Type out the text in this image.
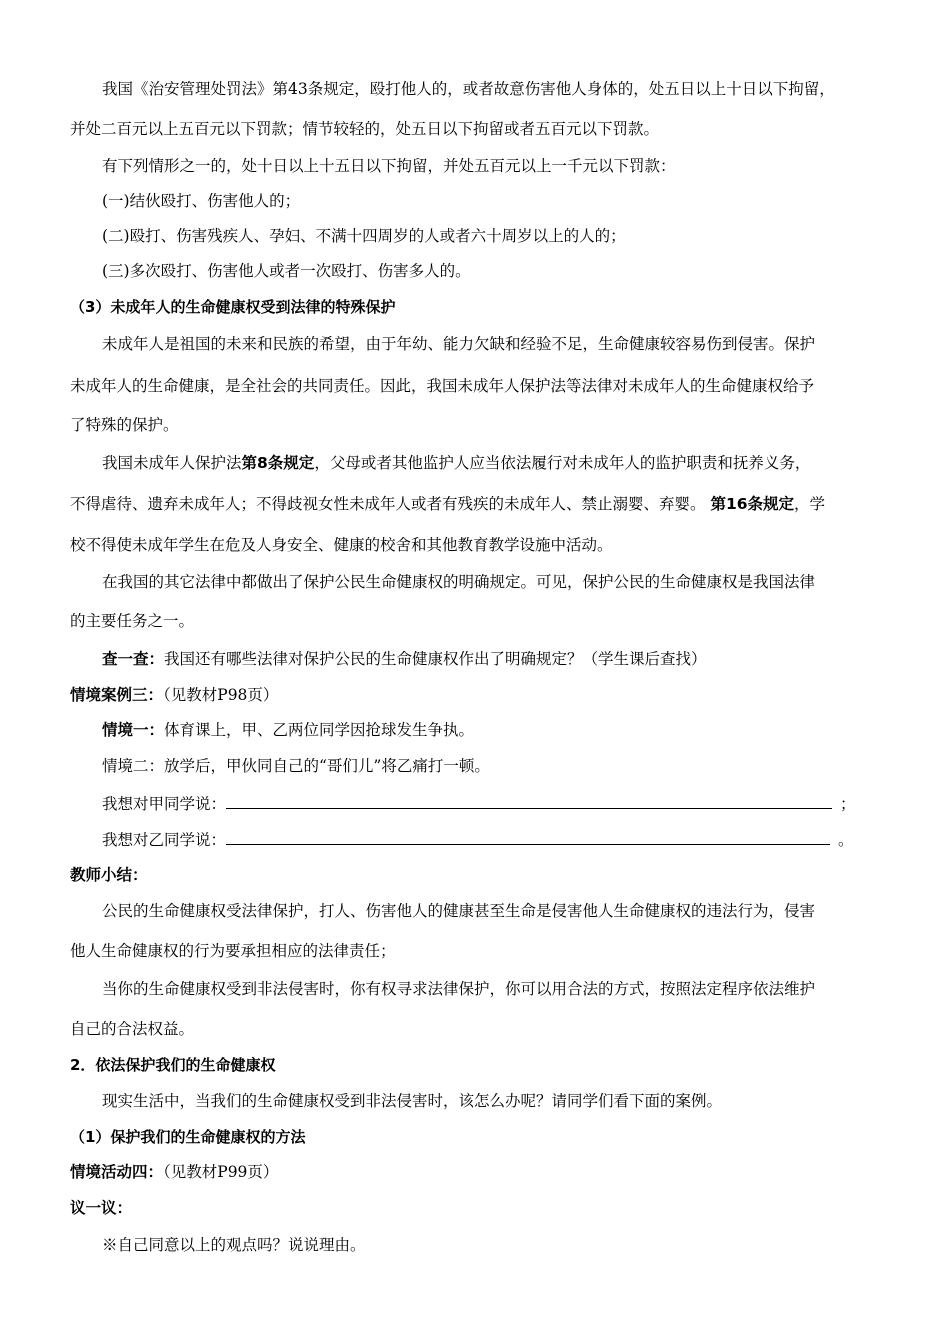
我国《治安管理处罚法》第43条规定，殴打他人的，或者故意伤害他人身体的，处五日以上十日以下拘留，
并处二百元以上五百元以下罚款；情节较轻的，处五日以下拘留或者五百元以下罚款。
有下列情形之一的，处十日以上十五日以下拘留，并处五百元以上一千元以下罚款：
(一)结伙殴打、伤害他人的；
(二)殴打、伤害残疾人、孕妇、不满十四周岁的人或者六十周岁以上的人的；
(三)多次殴打、伤害他人或者一次殴打、伤害多人的。
（3）未成年人的生命健康权受到法律的特殊保护
未成年人是祖国的未来和民族的希望，由于年幼、能力欠缺和经验不足，生命健康较容易伤到侵害。保护
未成年人的生命健康，是全社会的共同责任。因此，我国未成年人保护法等法律对未成年人的生命健康权给予
了特殊的保护。
我国未成年人保护法第8条规定，父母或者其他监护人应当依法履行对未成年人的监护职责和抚养义务，
不得虐待、遗弃未成年人；不得歧视女性未成年人或者有残疾的未成年人、禁止溺婴、弃婴。 第16条规定，学
校不得使未成年学生在危及人身安全、健康的校舍和其他教育教学设施中活动。
在我国的其它法律中都做出了保护公民生命健康权的明确规定。可见，保护公民的生命健康权是我国法律
的主要任务之一。
查一查：我国还有哪些法律对保护公民的生命健康权作出了明确规定？（学生课后查找）
情境案例三：（见教材P98页）
情境一：体育课上，甲、乙两位同学因抢球发生争执。
情境二：放学后，甲伙同自己的“哥们儿”将乙痛打一顿。
我想对甲同学说：	；
我想对乙同学说：	。
教师小结：
公民的生命健康权受法律保护，打人、伤害他人的健康甚至生命是侵害他人生命健康权的违法行为，侵害
他人生命健康权的行为要承担相应的法律责任；
当你的生命健康权受到非法侵害时，你有权寻求法律保护，你可以用合法的方式，按照法定程序依法维护
自己的合法权益。
2．依法保护我们的生命健康权
现实生活中，当我们的生命健康权受到非法侵害时，该怎么办呢？请同学们看下面的案例。
（1）保护我们的生命健康权的方法
情境活动四：（见教材P99页）
议一议：
※自己同意以上的观点吗？说说理由。
